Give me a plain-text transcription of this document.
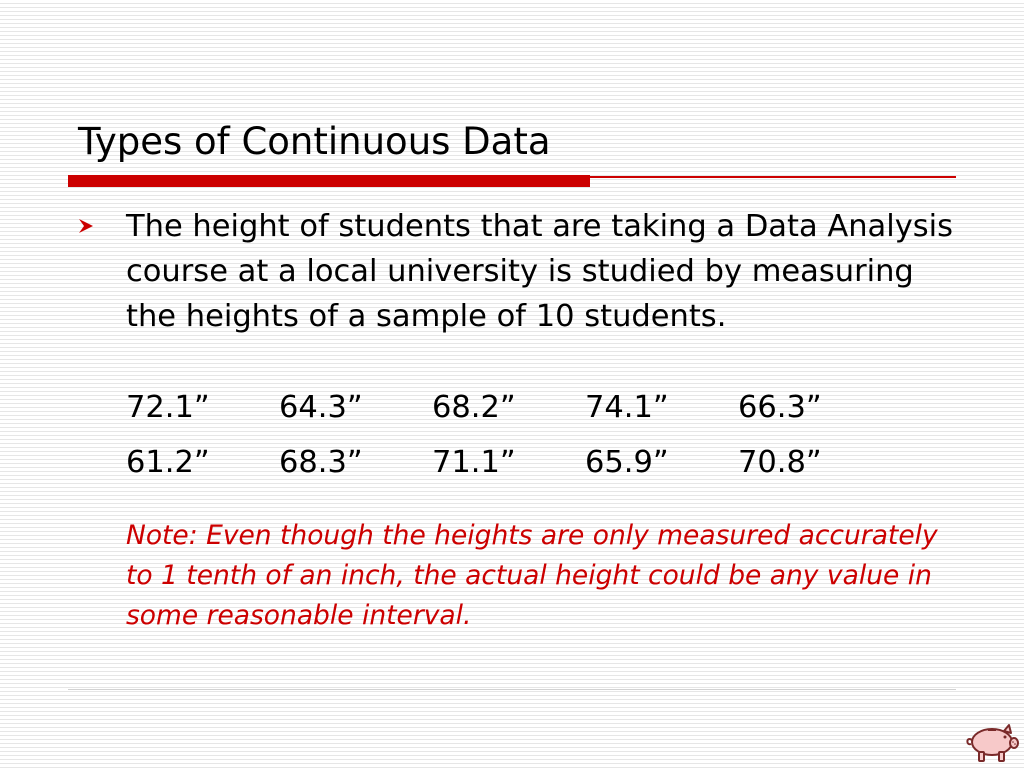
Types of Continuous Data

The height of students that are taking a Data Analysis course at a local university is studied by measuring the heights of a sample of 10 students.

72.1” 64.3” 68.2” 74.1” 66.3”
61.2” 68.3” 71.1” 65.9” 70.8”
Note: Even though the heights are only measured accurately to 1 tenth of an inch, the actual height could be any value in some reasonable interval.
